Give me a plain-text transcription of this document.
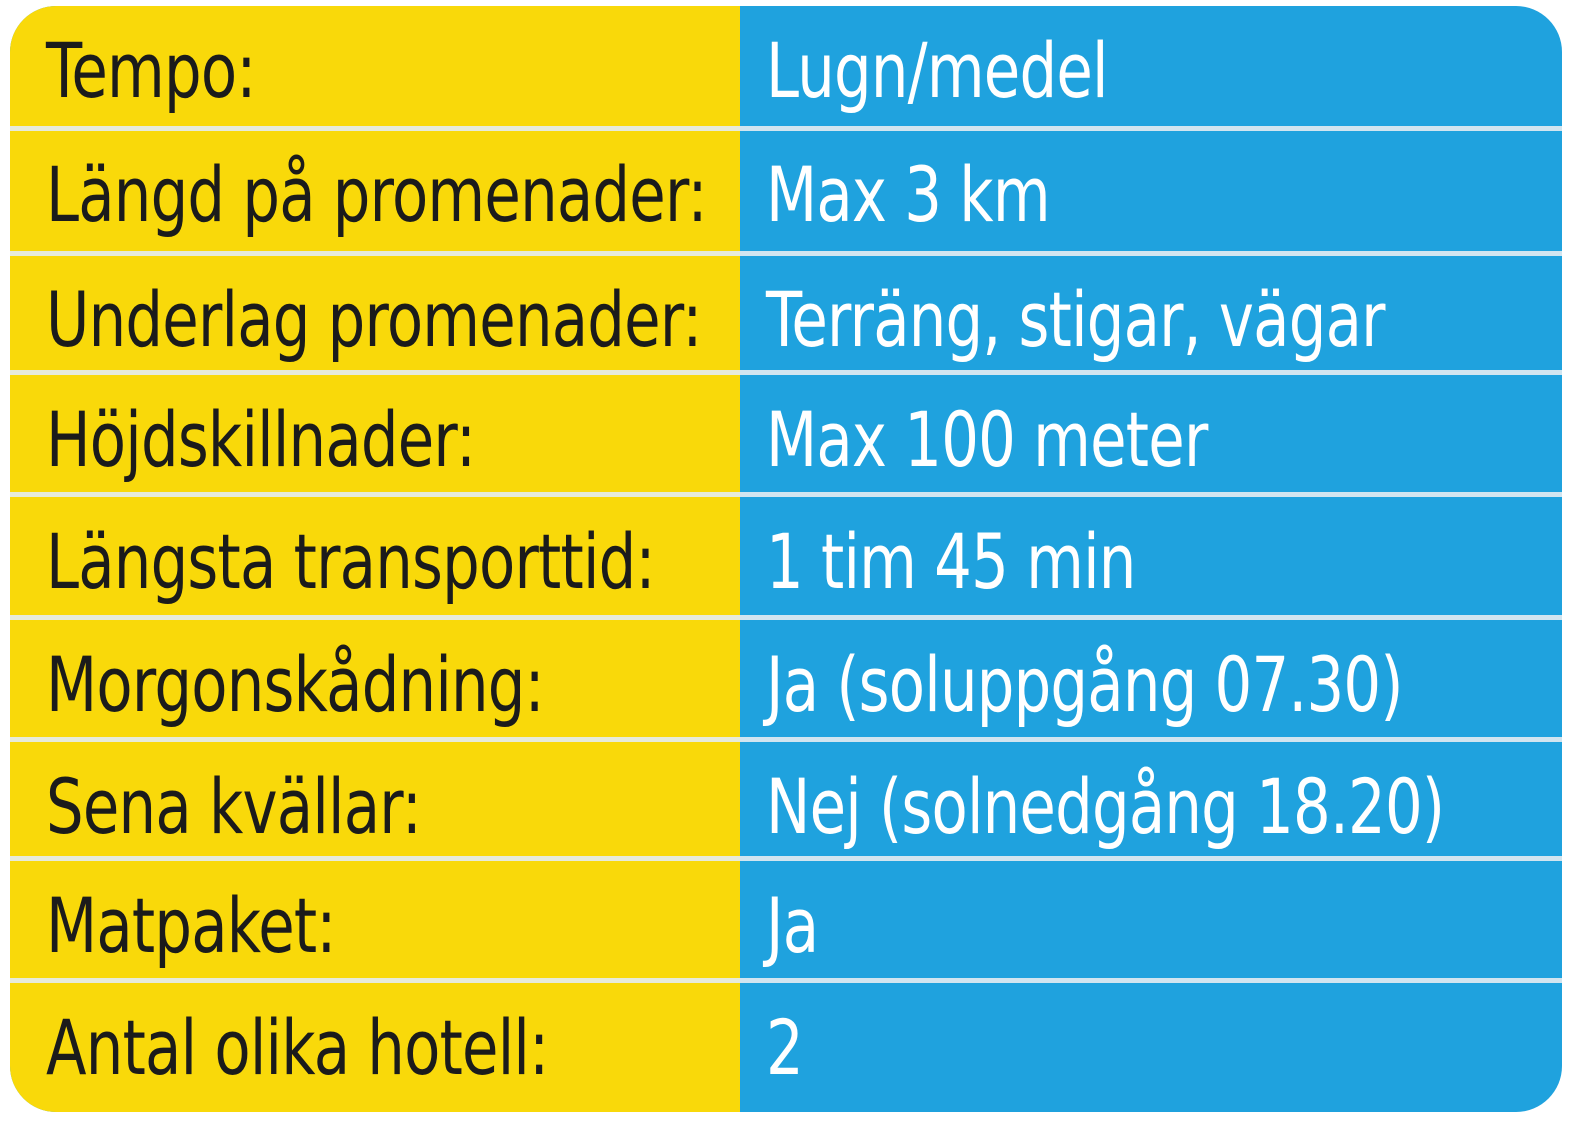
Tempo:	Lugn/medel
Längd på promenader: Max 3 km
Underlag promenader: Terräng, stigar, vägar
Höjdskillnader:	Max 100 meter
Längsta transporttid: 1 tim 45 min
Morgonskådning:	Ja (soluppgång 07.30)
Sena kvällar:	Nej (solnedgång 18.20)
Matpaket:	Ja
Antal olika hotell:	2
